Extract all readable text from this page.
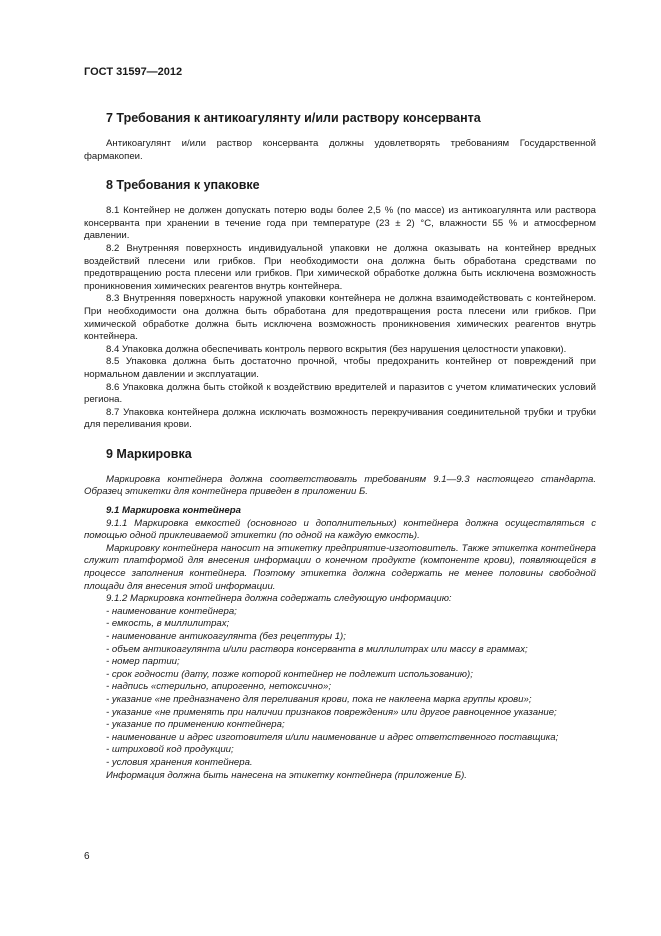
ГОСТ 31597—2012
7 Требования к антикоагулянту и/или раствору консерванта

Антикоагулянт и/или раствор консерванта должны удовлетворять требованиям Государственной фармакопеи.

8 Требования к упаковке

8.1 Контейнер не должен допускать потерю воды более 2,5 % (по массе) из антикоагулянта или раствора консерванта при хранении в течение года при температуре (23 ± 2) °С, влажности 55 % и атмосферном давлении.

8.2 Внутренняя поверхность индивидуальной упаковки не должна оказывать на контейнер вредных воздействий плесени или грибков. При необходимости она должна быть обработана средствами по предотвращению роста плесени или грибков. При химической обработке должна быть исключена возможность проникновения химических реагентов внутрь контейнера.

8.3 Внутренняя поверхность наружной упаковки контейнера не должна взаимодействовать с контейнером. При необходимости она должна быть обработана для предотвращения роста плесени или грибков. При химической обработке должна быть исключена возможность проникновения химических реагентов внутрь контейнера.

8.4 Упаковка должна обеспечивать контроль первого вскрытия (без нарушения целостности упаковки).

8.5 Упаковка должна быть достаточно прочной, чтобы предохранить контейнер от повреждений при нормальном давлении и эксплуатации.

8.6 Упаковка должна быть стойкой к воздействию вредителей и паразитов с учетом климатических условий региона.

8.7 Упаковка контейнера должна исключать возможность перекручивания соединительной трубки и трубки для переливания крови.

9 Маркировка

Маркировка контейнера должна соответствовать требованиям 9.1—9.3 настоящего стандарта. Образец этикетки для контейнера приведен в приложении Б.

9.1 Маркировка контейнера

9.1.1 Маркировка емкостей (основного и дополнительных) контейнера должна осуществляться с помощью одной приклеиваемой этикетки (по одной на каждую емкость).

Маркировку контейнера наносит на этикетку предприятие-изготовитель. Также этикетка контейнера служит платформой для внесения информации о конечном продукте (компоненте крови), появляющейся в процессе заполнения контейнера. Поэтому этикетка должна содержать не менее половины свободной площади для внесения этой информации.

9.1.2 Маркировка контейнера должна содержать следующую информацию:

- наименование контейнера;

- емкость, в миллилитрах;

- наименование антикоагулянта (без рецептуры 1);

- объем антикоагулянта и/или раствора консерванта в миллилитрах или массу в граммах;

- номер партии;

- срок годности (дату, позже которой контейнер не подлежит использованию);

- надпись «стерильно, апирогенно, нетоксично»;

- указание «не предназначено для переливания крови, пока не наклеена марка группы крови»;

- указание «не применять при наличии признаков повреждения» или другое равноценное указание;

- указание по применению контейнера;

- наименование и адрес изготовителя и/или наименование и адрес ответственного поставщика;

- штриховой код продукции;

- условия хранения контейнера.

Информация должна быть нанесена на этикетку контейнера (приложение Б).

6
